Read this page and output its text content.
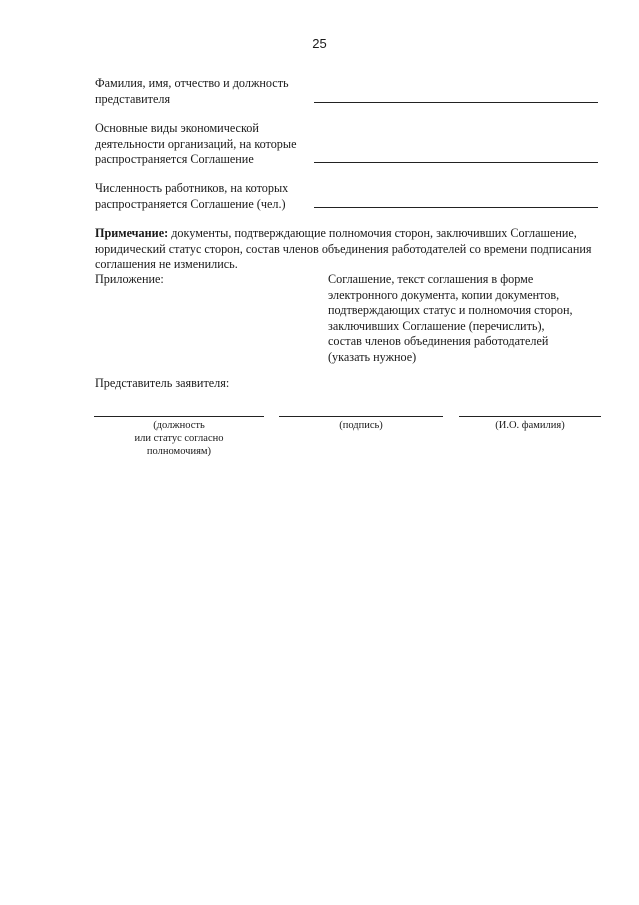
25
Фамилия, имя, отчество и должность
представителя
Основные виды экономической
деятельности организаций, на которые
распространяется Соглашение
Численность работников, на которых
распространяется Соглашение (чел.)
Примечание: документы, подтверждающие полномочия сторон, заключивших Соглашение, юридический статус сторон, состав членов объединения работодателей со времени подписания соглашения не изменились.
Приложение:	Соглашение, текст соглашения в форме
электронного документа, копии документов,
подтверждающих статус и полномочия сторон,
заключивших Соглашение (перечислить),
состав членов объединения работодателей
(указать нужное)
Представитель заявителя:
(должность
или статус согласно
полномочиям)
(подпись)	(И.О. фамилия)
